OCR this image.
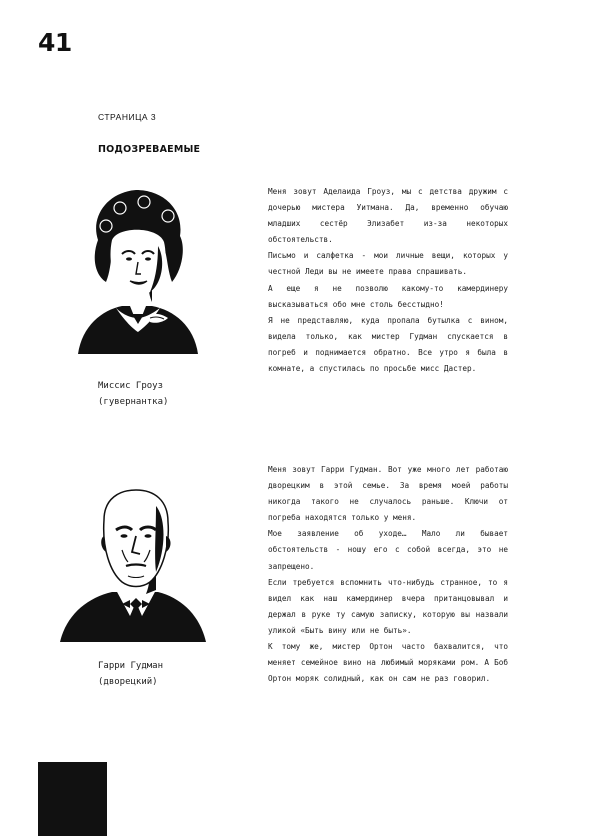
41
СТРАНИЦА 3
ПОДОЗРЕВАЕМЫЕ
Миссис Гроуз
(гувернантка)

Меня зовут Аделаида Гроуз, мы с детства дружим с дочерью мистера Уитмана. Да, временно обучаю младших сестёр Элизабет из-за некоторых обстоятельств.

Письмо и салфетка - мои личные вещи, которых у честной Леди вы не имеете права спрашивать.

А еще я не позволю какому-то камердинеру высказываться обо мне столь бесстыдно!

Я не представляю, куда пропала бутылка с вином, видела только, как мистер Гудман спускается в погреб и поднимается обратно. Все утро я была в комнате, а спустилась по просьбе мисс Дастер.

Гарри Гудман
(дворецкий)

Меня зовут Гарри Гудман. Вот уже много лет работаю дворецким в этой семье. За время моей работы никогда такого не случалось раньше. Ключи от погреба находятся только у меня.

Мое заявление об уходе… Мало ли бывает обстоятельств - ношу его с собой всегда, это не запрещено.

Если требуется вспомнить что-нибудь странное, то я видел как наш камердинер вчера пританцовывал и держал в руке ту самую записку, которую вы назвали уликой «Быть вину или не быть».

К тому же, мистер Ортон часто бахвалится, что меняет семейное вино на любимый моряками ром. А Боб Ортон моряк солидный, как он сам не раз говорил.
